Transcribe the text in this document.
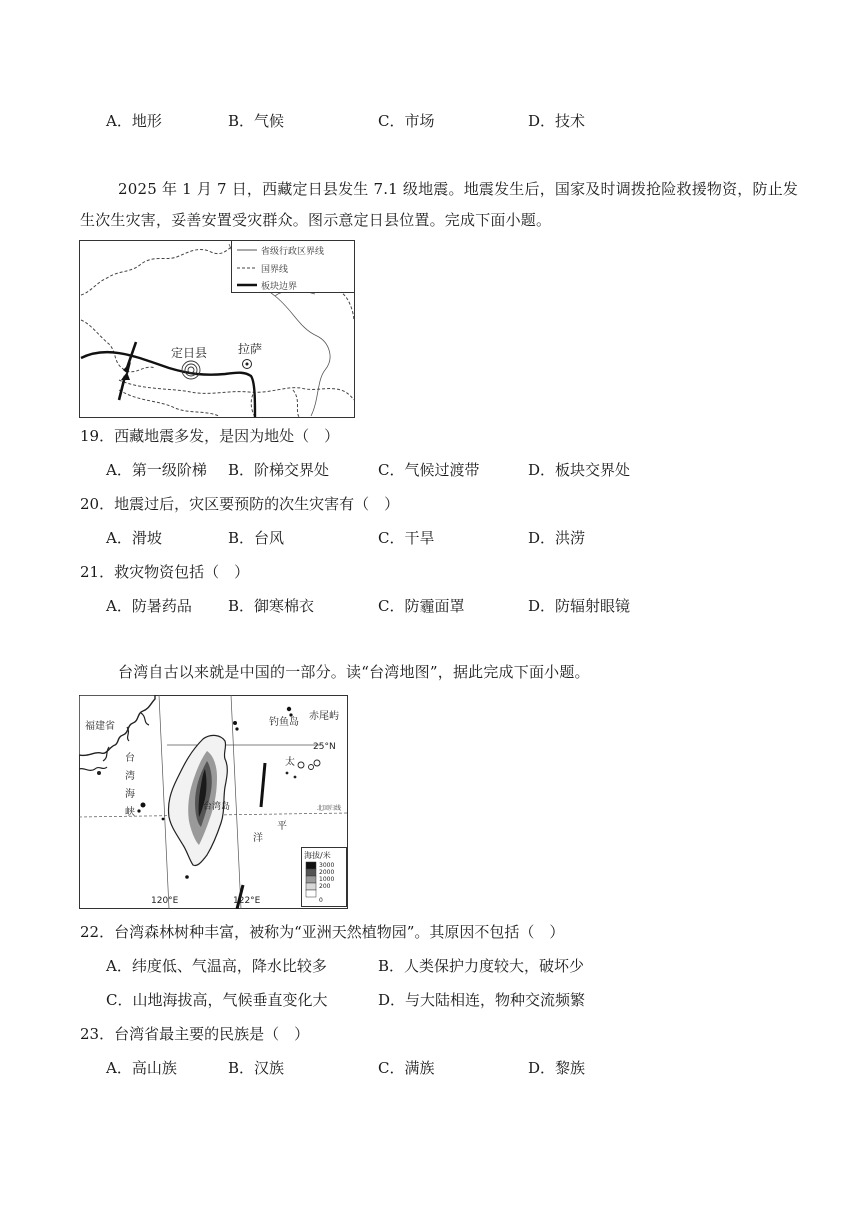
A．地形	B．气候	C．市场	D．技术
2025 年 1 月 7 日，西藏定日县发生 7.1 级地震。地震发生后，国家及时调拨抢险救援物资，防止发生次生灾害，妥善安置受灾群众。图示意定日县位置。完成下面小题。
定日县	拉萨
省级行政区界线
国界线
板块边界
19．西藏地震多发，是因为地处（　）
A．第一级阶梯 B．阶梯交界处	C．气候过渡带	D．板块交界处
20．地震过后，灾区要预防的次生灾害有（　）
A．滑坡	B．台风	C．干旱	D．洪涝
21．救灾物资包括（　）
A．防暑药品 B．御寒棉衣	C．防霾面罩	D．防辐射眼镜
台湾自古以来就是中国的一部分。读“台湾地图”，据此完成下面小题。
福建省
台
湾
海
峡
钓鱼岛
赤尾屿
25°N
太
平
洋
台湾岛	北回归线
120°E	122°E
海拔/米
3000
2000
1000
200
0
22．台湾森林树种丰富，被称为“亚洲天然植物园”。其原因不包括（　）
A．纬度低、气温高，降水比较多	B．人类保护力度较大，破坏少
C．山地海拔高，气候垂直变化大	D．与大陆相连，物种交流频繁
23．台湾省最主要的民族是（　）
A．高山族	B．汉族	C．满族	D．黎族
